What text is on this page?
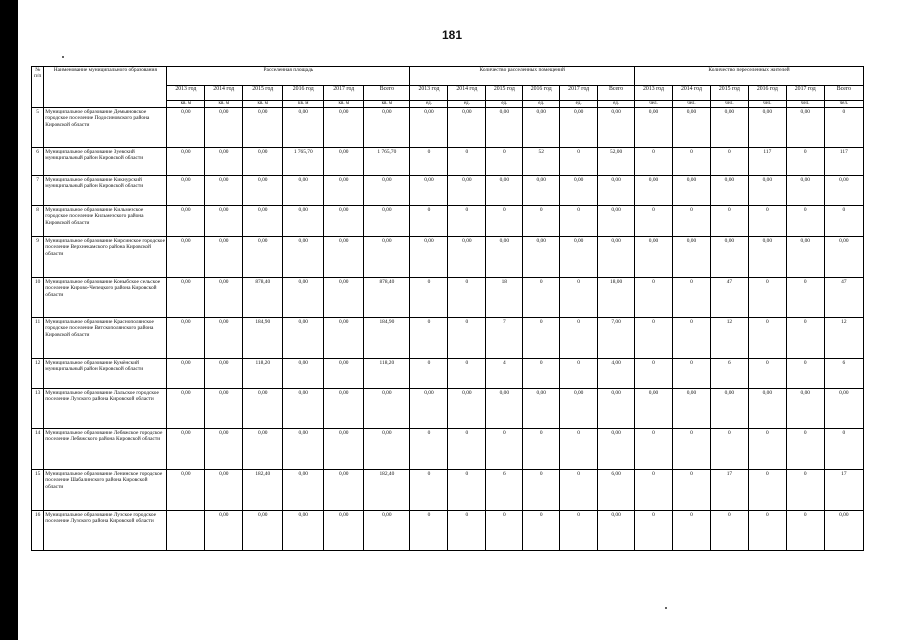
181
№ п/п	Наименование муниципального образования	Расселенная площадь						Количество расселенных помещений						Количество переселенных жителей					
		2013 год	2014 год	2015 год	2016 год	2017 год	Всего	2013 год	2014 год	2015 год	2016 год	2017 год	Всего	2013 год	2014 год	2015 год	2016 год	2017 год	Всего
		кв. м	кв. м	кв. м	кв. м	кв. м	кв. м	ед.	ед.	ед.	ед.	ед.	ед.	чел.	чел.	чел.	чел.	чел.	чел.
5	Муниципальное образование Демьяновское городское поселение Подосиновского района Кировской области	0,00	0,00	0,00	0,00	0,00	0,00	0,00	0,00	0,00	0,00	0,00	0,00	0,00	0,00	0,00	0,00	0,00	0
6	Муниципальное образование Зуевский муниципальный район Кировской области	0,00	0,00	0,00	1 765,70	0,00	1 765,70	0	0	0	52	0	52,00	0	0	0	117	0	117
7	Муниципальное образование Кикнурский муниципальный район Кировской области	0,00	0,00	0,00	0,00	0,00	0,00	0,00	0,00	0,00	0,00	0,00	0,00	0,00	0,00	0,00	0,00	0,00	0,00
8	Муниципальное образование Кильмезское городское поселение Кильмезского района Кировской области	0,00	0,00	0,00	0,00	0,00	0,00	0	0	0	0	0	0,00	0	0	0	0	0	0
9	Муниципальное образование Кирсинское городское поселение Верхнекамского района Кировской области	0,00	0,00	0,00	0,00	0,00	0,00	0,00	0,00	0,00	0,00	0,00	0,00	0,00	0,00	0,00	0,00	0,00	0,00
10	Муниципальное образование Коныбское сельское поселение Кирово-Чепецкого района Кировской области	0,00	0,00	878,40	0,00	0,00	878,40	0	0	18	0	0	18,00	0	0	47	0	0	47
11	Муниципальное образование Краснополянское городское поселение Вятскополянского района Кировской области	0,00	0,00	184,90	0,00	0,00	184,90	0	0	7	0	0	7,00	0	0	12	0	0	12
12	Муниципальное образование Кумёнский муниципальный район Кировской области	0,00	0,00	118,20	0,00	0,00	118,20	0	0	4	0	0	4,00	0	0	6	0	0	6
13	Муниципальное образование Лальское городское поселение Лузского района Кировской области	0,00	0,00	0,00	0,00	0,00	0,00	0,00	0,00	0,00	0,00	0,00	0,00	0,00	0,00	0,00	0,00	0,00	0,00
14	Муниципальное образование Лебяжское городское поселение Лебяжского района Кировской области	0,00	0,00	0,00	0,00	0,00	0,00	0	0	0	0	0	0,00	0	0	0	0	0	0
15	Муниципальное образование Ленинское городское поселение Шабалинского района Кировской области	0,00	0,00	182,40	0,00	0,00	182,40	0	0	6	0	0	6,00	0	0	17	0	0	17
16	Муниципальное образование Лузское городское поселение Лузского района Кировской области		0,00	0,00	0,00	0,00	0,00	0	0	0	0	0	0,00	0	0	0	0	0	0,00
